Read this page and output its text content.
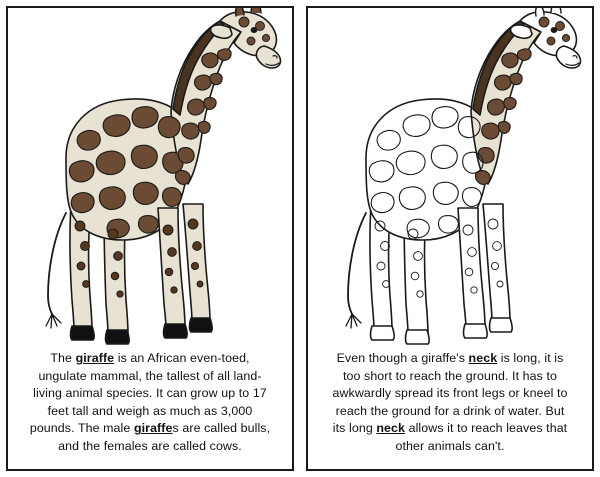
The giraffe is an African even-toed,
ungulate mammal, the tallest of all land-
living animal species. It can grow up to 17
feet tall and weigh as much as 3,000
pounds. The male giraffes are called bulls,
and the females are called cows.
Even though a giraffe's neck is long, it is
too short to reach the ground. It has to
awkwardly spread its front legs or kneel to
reach the ground for a drink of water. But
its long neck allows it to reach leaves that
other animals can't.
